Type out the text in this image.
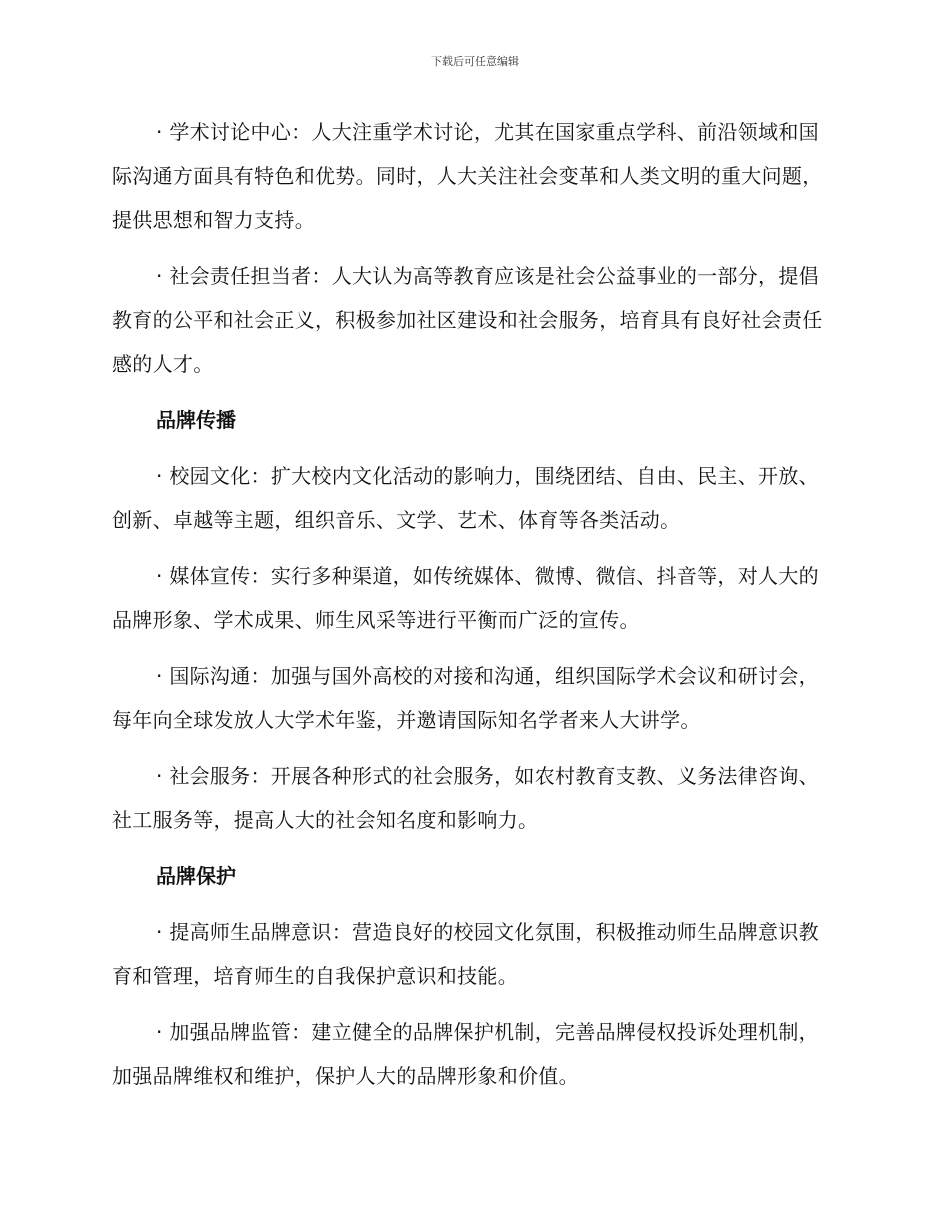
下载后可任意编辑

· 学术讨论中心：人大注重学术讨论，尤其在国家重点学科、前沿领域和国际沟通方面具有特色和优势。同时，人大关注社会变革和人类文明的重大问题，提供思想和智力支持。

· 社会责任担当者：人大认为高等教育应该是社会公益事业的一部分，提倡教育的公平和社会正义，积极参加社区建设和社会服务，培育具有良好社会责任感的人才。

品牌传播

· 校园文化：扩大校内文化活动的影响力，围绕团结、自由、民主、开放、创新、卓越等主题，组织音乐、文学、艺术、体育等各类活动。

· 媒体宣传：实行多种渠道，如传统媒体、微博、微信、抖音等，对人大的品牌形象、学术成果、师生风采等进行平衡而广泛的宣传。

· 国际沟通：加强与国外高校的对接和沟通，组织国际学术会议和研讨会，每年向全球发放人大学术年鉴，并邀请国际知名学者来人大讲学。

· 社会服务：开展各种形式的社会服务，如农村教育支教、义务法律咨询、社工服务等，提高人大的社会知名度和影响力。

品牌保护

· 提高师生品牌意识：营造良好的校园文化氛围，积极推动师生品牌意识教育和管理，培育师生的自我保护意识和技能。

· 加强品牌监管：建立健全的品牌保护机制，完善品牌侵权投诉处理机制，加强品牌维权和维护，保护人大的品牌形象和价值。
